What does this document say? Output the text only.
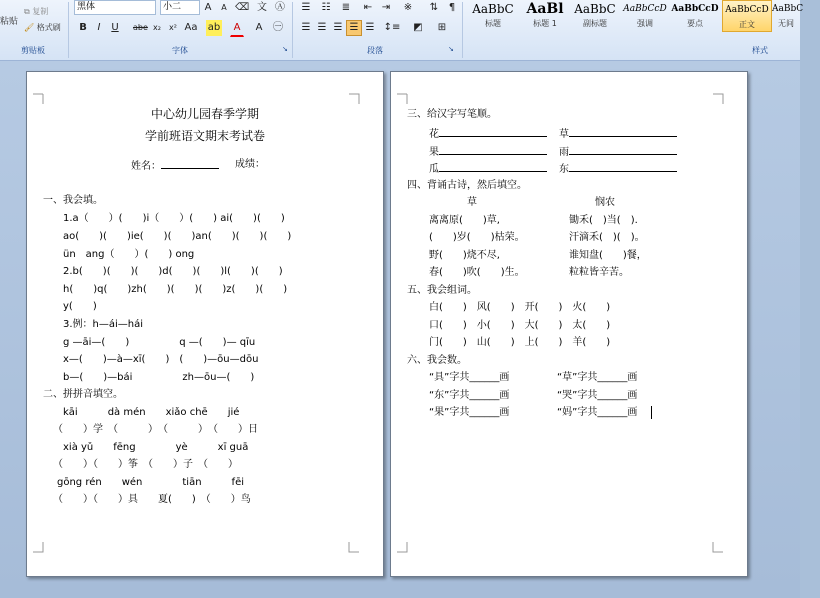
粘贴
⧉ 复制
🖌 格式刷
剪贴板
黑体	小二	A	A ⌫ 文 Ⓐ
B	I	U	abe x₂	x² Aa ab	A	A	㊀
字体	↘
☰	☷	≣	⇤ ⇥	※	⇅	¶
☰ ☰ ☰ ☰ ☰ ↕≡	◩	⊞
段落	↘
AaBbC
标题
AaBl
标题 1
AaBbC
副标题
AaBbCcD
强调
AaBbCcD
要点
AaBbCcD
正文
AaBbC
无间
样式
中心幼儿园春季学期
学前班语文期末考试卷
姓名：	成绩：
一、我会填。
1.a（　　）(　　)i（　　）(　　) ai(　　)(　　)
ao(　　)(　　)ie(　　)(　　)an(　　)(　　)(　　)
ün　ang（　　）(　　) ong
2.b(　　)(　　)(　　)d(　　)(　　)l(　　)(　　)
h(　　)q(　　)zh(　　)(　　)(　　)z(　　)(　　)
y(　　)
3.例：h—ái—hái
g —āi—(　　)　　　　　q —(　　)— qīu
x—(　　)—à—xī(　　)　(　　)—ōu—dōu
b—(　　)—bái　　　　　zh—ōu—(　　)
二、拼拼音填空。
kāi　　　dà mén　　xiǎo chē　　jié
（　　）学　（　　　）　（　　　）　（　　）日
xià yǔ　　fēng　　　　yè　　　xī guā
（　　）（　　）筝　（　　）子　（　　）
gōng rén　　wén　　　　tiān　　　fēi
（　　）（　　）具　　夏(　　)　（　　）鸟
三、给汉字写笔顺。
花	草
果	雨
瓜	东
四、背诵古诗，然后填空。
草	悯农
离离原(　　)草,
(　　)岁(　　)枯荣。
野(　　)烧不尽,
春(　　)吹(　　)生。
锄禾(　)当(　).
汗滴禾(　)(　)。
谁知盘(　　)餐，
粒粒皆辛苦。
五、我会组词。
白(　　)　风(　　)　开(　　)　火(　　)
口(　　)　小(　　)　大(　　)　太(　　)
门(　　)　山(　　)　上(　　)　羊(　　)
六、我会数。
“具”字共______画	“草”字共______画
“东”字共______画	“哭”字共______画
“果”字共______画	“妈”字共______画
